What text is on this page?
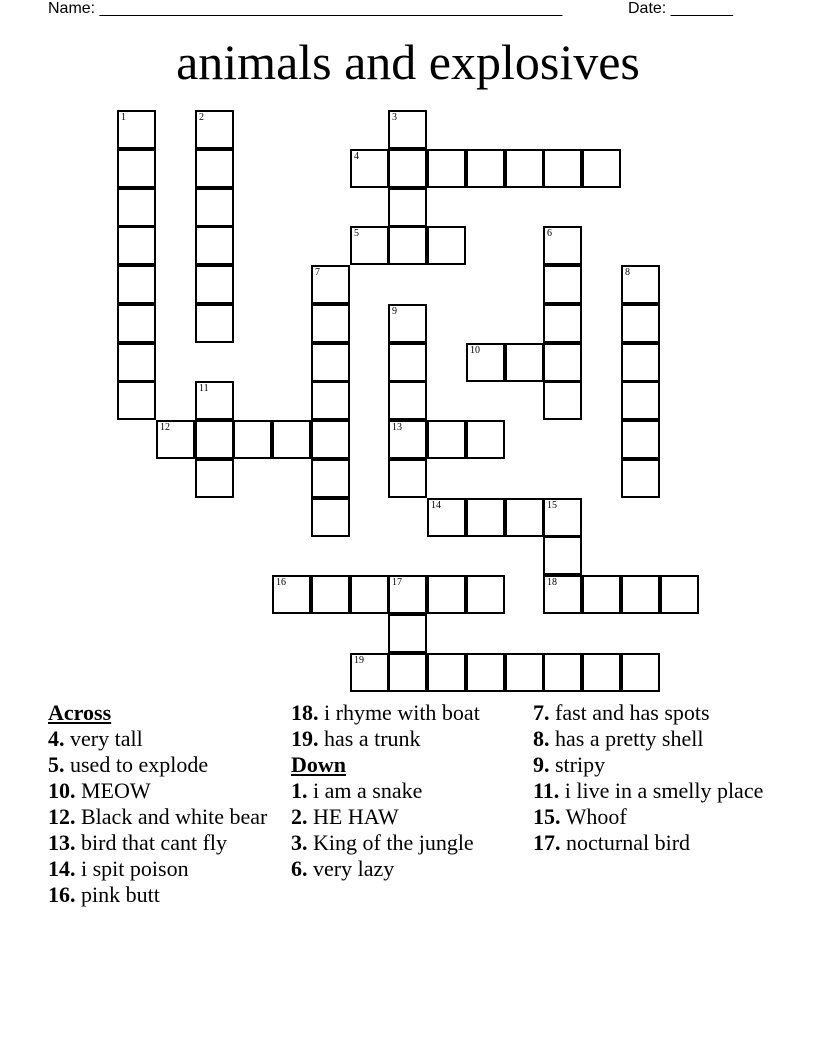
Name: ____________________________________________________	Date: _______
animals and explosives
1	2	3
4
5	6
7	8
9
13
10
11
12
14	15
18
16	17
19
Across
4. very tall
5. used to explode
10. MEOW
12. Black and white bear
13. bird that cant fly
14. i spit poison
16. pink butt
18. i rhyme with boat
19. has a trunk
Down
1. i am a snake
2. HE HAW
3. King of the jungle
6. very lazy
7. fast and has spots
8. has a pretty shell
9. stripy
11. i live in a smelly place
15. Whoof
17. nocturnal bird
